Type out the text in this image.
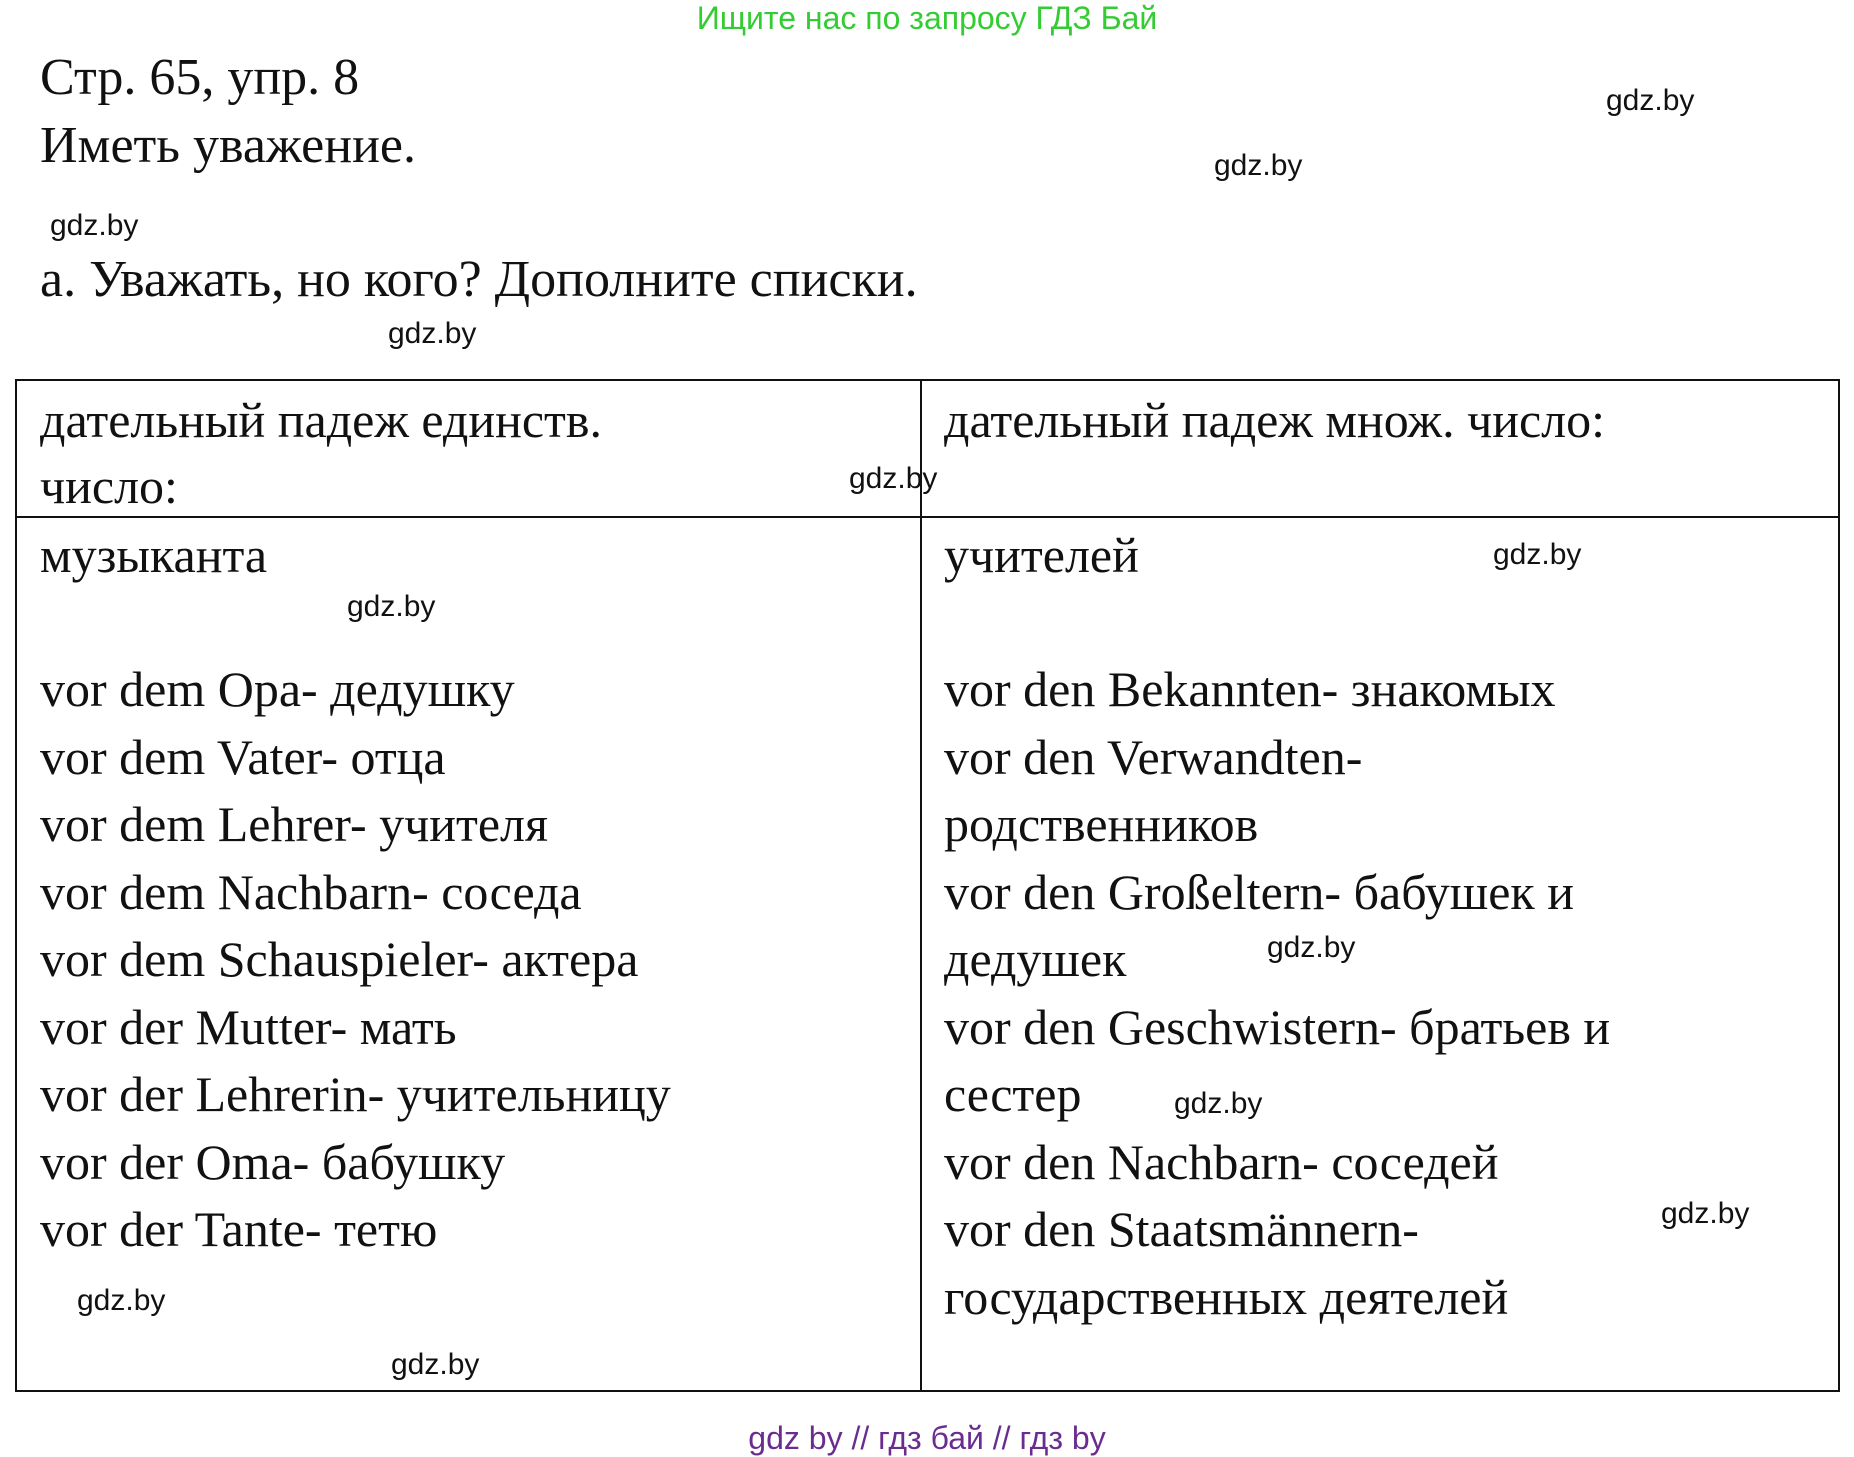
Ищите нас по запросу ГДЗ Бай
Стр. 65, упр. 8
Иметь уважение.
а. Уважать, но кого? Дополните списки.
gdz.by
gdz.by
gdz.by
gdz.by
дательный падеж единств.
число:
дательный падеж множ. число:
музыканта	учителей
vor dem Opa- дедушку
vor dem Vater- отца
vor dem Lehrer- учителя
vor dem Nachbarn- соседа
vor dem Schauspieler- актера
vor der Mutter- мать
vor der Lehrerin- учительницу
vor der Oma- бабушку
vor der Tante- тетю
vor den Bekannten- знакомых
vor den Verwandten-
родственников
vor den Großeltern- бабушек и
дедушек
vor den Geschwistern- братьев и
сестер
vor den Nachbarn- соседей
vor den Staatsmännern-
государственных деятелей
gdz.by
gdz.by
gdz.by
gdz.by
gdz.by
gdz.by
gdz.by
gdz.by
gdz by // гдз бай // гдз by
